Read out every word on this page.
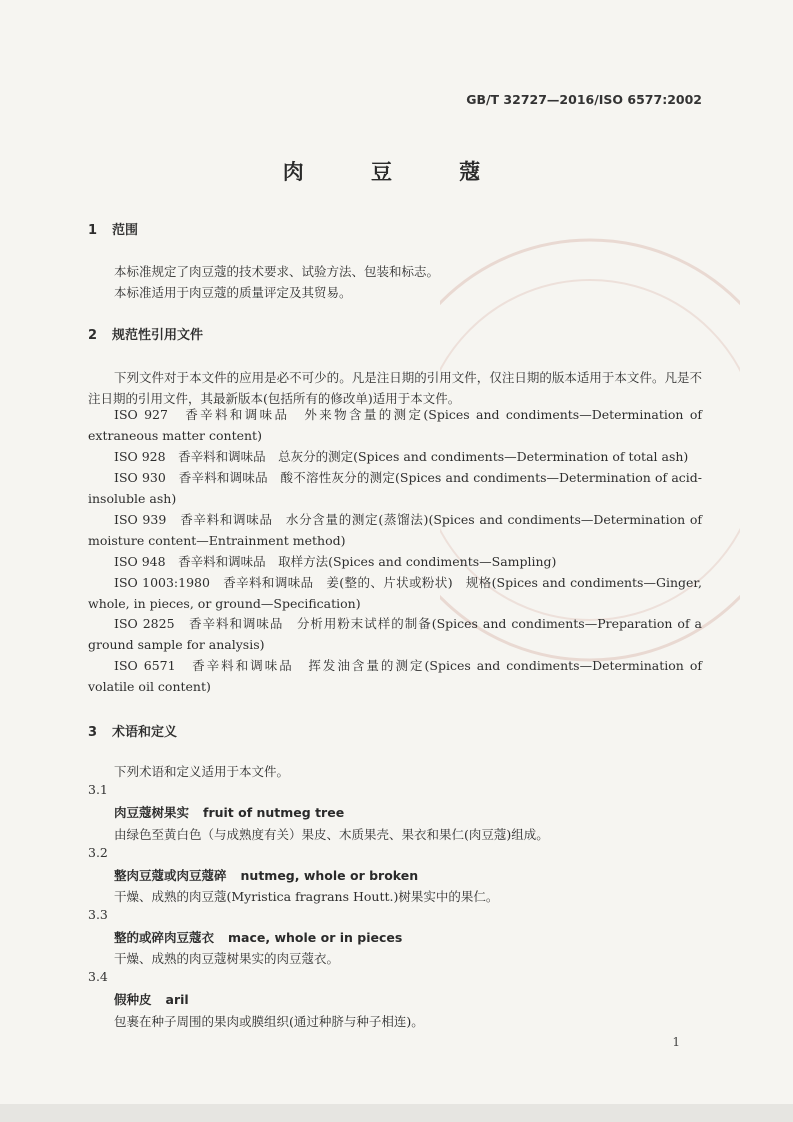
GB/T 32727—2016/ISO 6577:2002
肉 豆 蔻
1 范围
本标准规定了肉豆蔻的技术要求、试验方法、包装和标志。
本标准适用于肉豆蔻的质量评定及其贸易。
2 规范性引用文件
下列文件对于本文件的应用是必不可少的。凡是注日期的引用文件，仅注日期的版本适用于本文件。凡是不注日期的引用文件，其最新版本(包括所有的修改单)适用于本文件。
ISO 927　 香辛料和调味品　外来物含量的测定(Spices and condiments—Determination of extraneous matter content)
ISO 928　 香辛料和调味品　总灰分的测定(Spices and condiments—Determination of total ash)
ISO 930　 香辛料和调味品　酸不溶性灰分的测定(Spices and condiments—Determination of acid-insoluble ash)
ISO 939　 香辛料和调味品　水分含量的测定(蒸馏法)(Spices and condiments—Determination of moisture content—Entrainment method)
ISO 948　 香辛料和调味品　取样方法(Spices and condiments—Sampling)
ISO 1003:1980　 香辛料和调味品　姜(整的、片状或粉状)　规格(Spices and condiments—Ginger, whole, in pieces, or ground—Specification)
ISO 2825　 香辛料和调味品　分析用粉末试样的制备(Spices and condiments—Preparation of a ground sample for analysis)
ISO 6571　 香辛料和调味品　挥发油含量的测定(Spices and condiments—Determination of volatile oil content)
3 术语和定义
下列术语和定义适用于本文件。
3.1
肉豆蔻树果实 fruit of nutmeg tree
由绿色至黄白色（与成熟度有关）果皮、木质果壳、果衣和果仁(肉豆蔻)组成。
3.2
整肉豆蔻或肉豆蔻碎 nutmeg, whole or broken
干燥、成熟的肉豆蔻(Myristica fragrans Houtt.)树果实中的果仁。
3.3
整的或碎肉豆蔻衣 mace, whole or in pieces
干燥、成熟的肉豆蔻树果实的肉豆蔻衣。
3.4
假种皮 aril
包裹在种子周围的果肉或膜组织(通过种脐与种子相连)。
1
